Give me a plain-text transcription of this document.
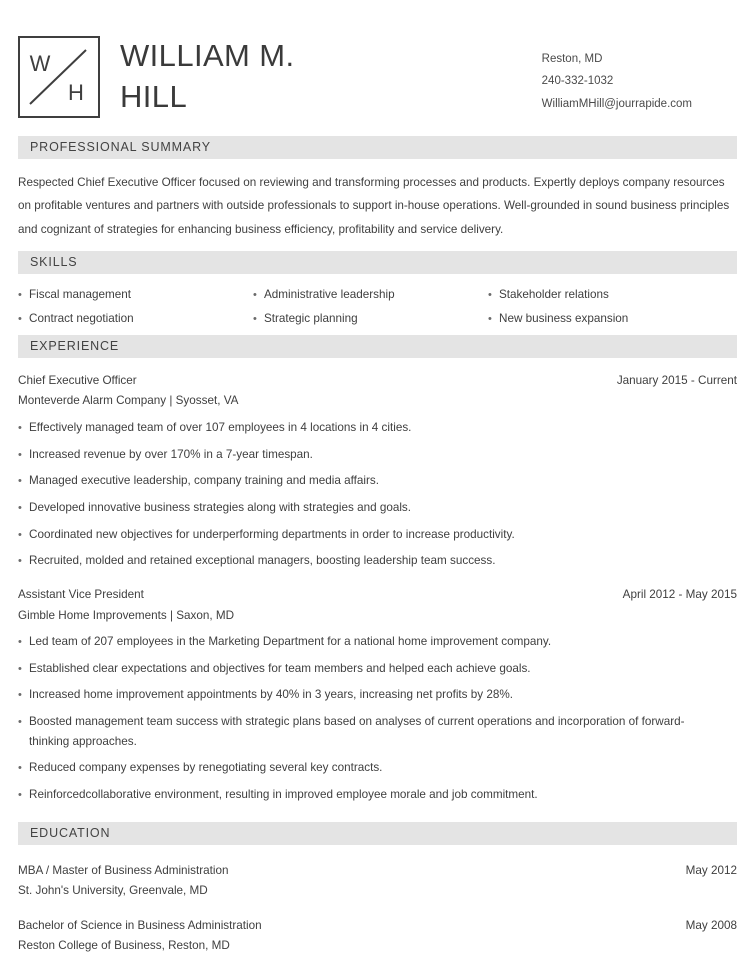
W
H
WILLIAM M. HILL
Reston, MD
240-332-1032
WilliamMHill@jourrapide.com
PROFESSIONAL SUMMARY
Respected Chief Executive Officer focused on reviewing and transforming processes and products. Expertly deploys company resources on profitable ventures and partners with outside professionals to support in-house operations. Well-grounded in sound business principles and cognizant of strategies for enhancing business efficiency, profitability and service delivery.
SKILLS
• Fiscal management	• Administrative leadership	• Stakeholder relations
• Contract negotiation	• Strategic planning	• New business expansion
EXPERIENCE
Chief Executive Officer	January 2015 - Current
Monteverde Alarm Company | Syosset, VA
• Effectively managed team of over 107 employees in 4 locations in 4 cities.
• Increased revenue by over 170% in a 7-year timespan.
• Managed executive leadership, company training and media affairs.
• Developed innovative business strategies along with strategies and goals.
• Coordinated new objectives for underperforming departments in order to increase productivity.
• Recruited, molded and retained exceptional managers, boosting leadership team success.
Assistant Vice President	April 2012 - May 2015
Gimble Home Improvements | Saxon, MD
• Led team of 207 employees in the Marketing Department for a national home improvement company.
• Established clear expectations and objectives for team members and helped each achieve goals.
• Increased home improvement appointments by 40% in 3 years, increasing net profits by 28%.
• Boosted management team success with strategic plans based on analyses of current operations and incorporation of forward-thinking approaches.
• Reduced company expenses by renegotiating several key contracts.
• Reinforcedcollaborative environment, resulting in improved employee morale and job commitment.
EDUCATION
MBA / Master of Business Administration	May 2012
St. John's University, Greenvale, MD
Bachelor of Science in Business Administration	May 2008
Reston College of Business, Reston, MD
